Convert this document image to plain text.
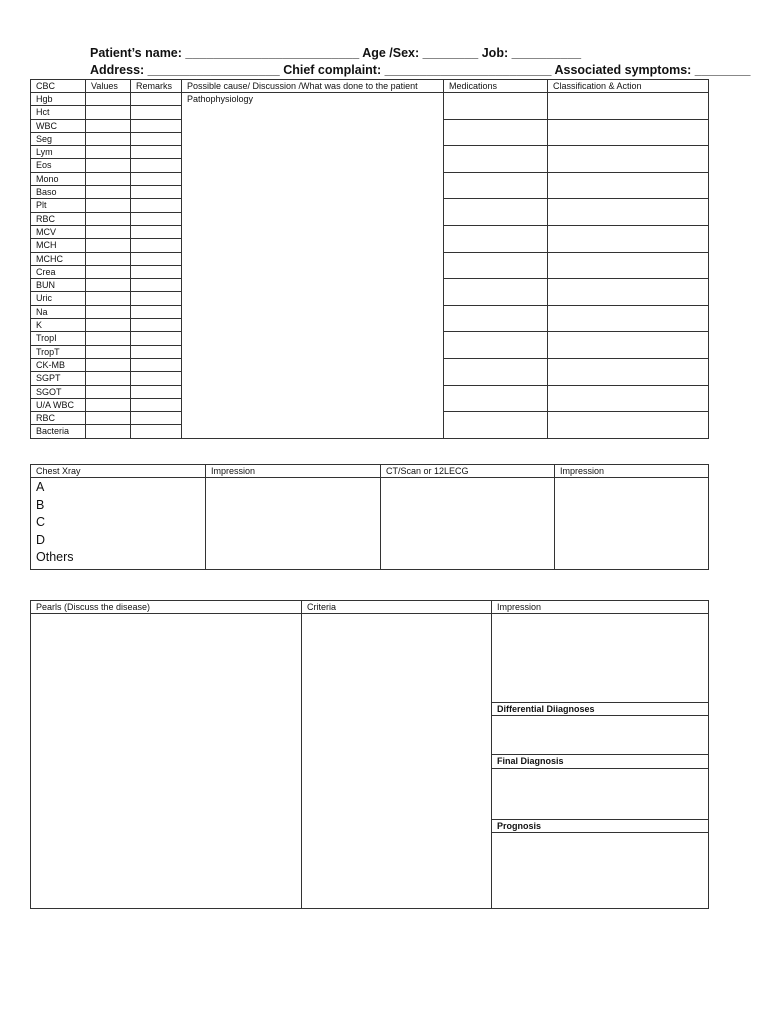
Patient’s name: _________________________ Age /Sex: ________ Job: __________
Address: ___________________ Chief complaint: ________________________ Associated symptoms: ________
CBC	Values	Remarks	Possible cause/ Discussion /What was done to the patient	Medications	Classification & Action
Hgb			Pathophysiology		

Hct					
WBC					
Seg					
Lym					
Eos					
Mono					
Baso					
Plt					
RBC					
MCV					
MCH					
MCHC					
Crea					
BUN					
Uric					
Na					
K					
TropI					
TropT					
CK-MB					
SGPT					
SGOT					
U/A WBC					
RBC					
Bacteria					
Chest Xray	Impression	CT/Scan or 12LECG	Impression

A
B
C
D
Others			

Pearls (Discuss the disease)	Criteria	Impression

		Differential Diiagnoses

		Final Diagnosis

		Prognosis
